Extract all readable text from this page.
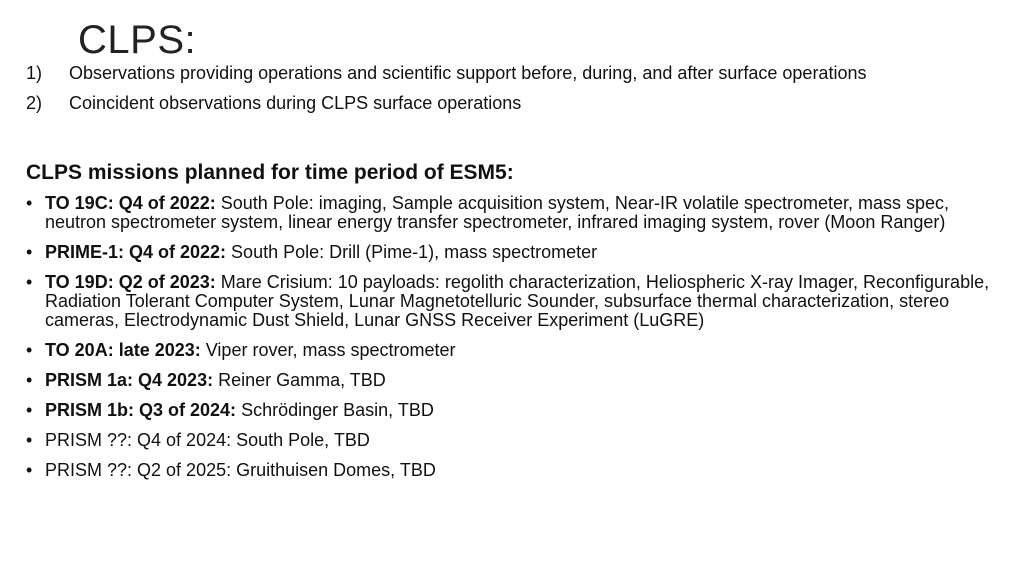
CLPS:
1)	Observations providing operations and scientific support before, during, and after surface operations
2)	Coincident observations during CLPS surface operations
CLPS missions planned for time period of ESM5:
• TO 19C: Q4 of 2022: South Pole: imaging, Sample acquisition system, Near-IR volatile spectrometer, mass spec, neutron spectrometer system, linear energy transfer spectrometer, infrared imaging system, rover (Moon Ranger)
• PRIME-1: Q4 of 2022: South Pole: Drill (Pime-1), mass spectrometer
• TO 19D: Q2 of 2023: Mare Crisium: 10 payloads: regolith characterization, Heliospheric X-ray Imager, Reconfigurable, Radiation Tolerant Computer System, Lunar Magnetotelluric Sounder, subsurface thermal characterization, stereo cameras, Electrodynamic Dust Shield, Lunar GNSS Receiver Experiment (LuGRE)
• TO 20A: late 2023: Viper rover, mass spectrometer
• PRISM 1a: Q4 2023: Reiner Gamma, TBD
• PRISM 1b: Q3 of 2024: Schrödinger Basin, TBD
• PRISM ??: Q4 of 2024: South Pole, TBD
• PRISM ??: Q2 of 2025: Gruithuisen Domes, TBD
